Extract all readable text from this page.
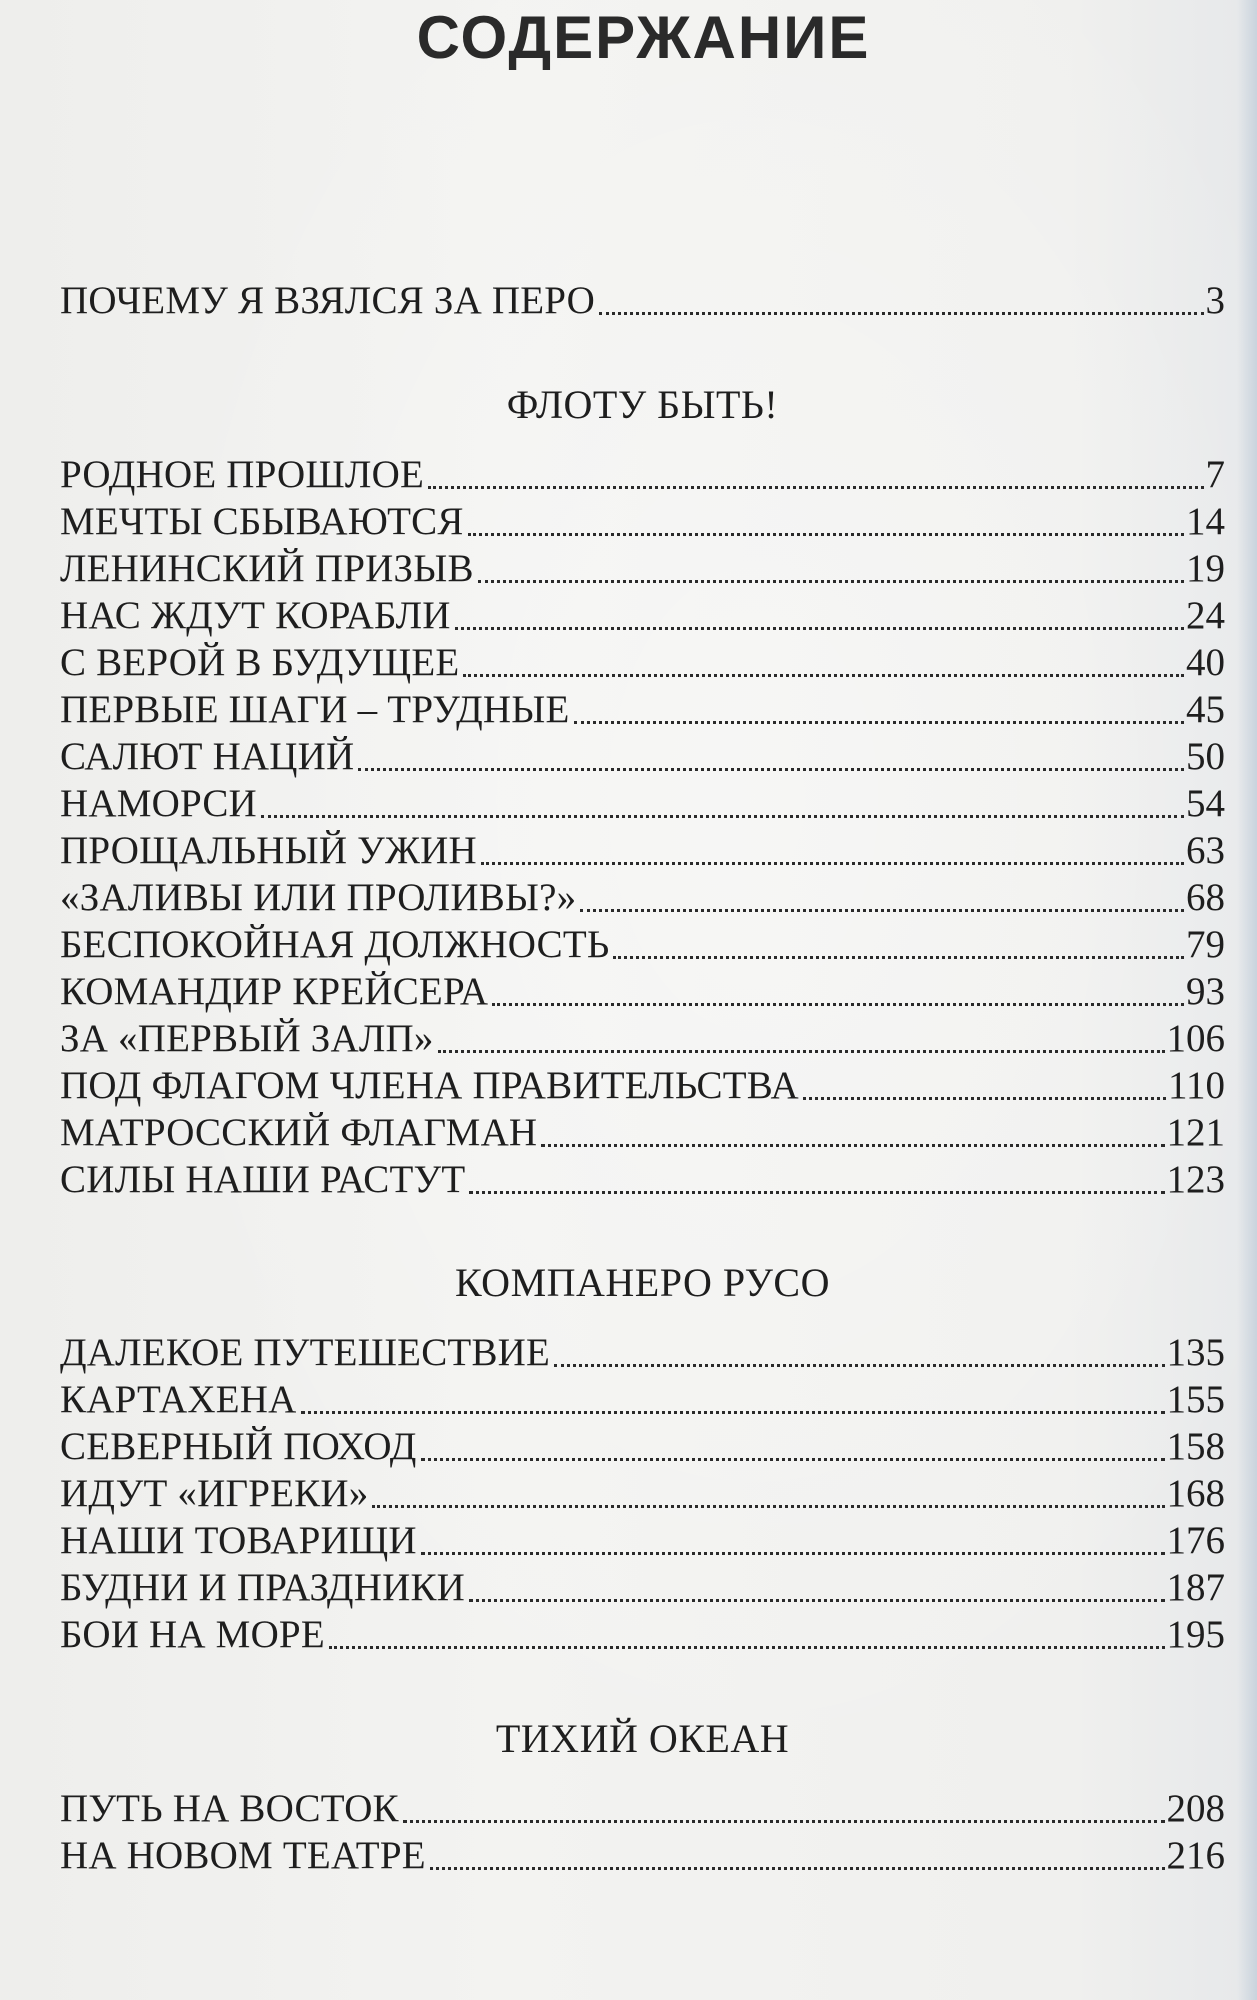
СОДЕРЖАНИЕ
ПОЧЕМУ Я ВЗЯЛСЯ ЗА ПЕРО	3
ФЛОТУ БЫТЬ!
РОДНОЕ ПРОШЛОЕ	7
МЕЧТЫ СБЫВАЮТСЯ	14
ЛЕНИНСКИЙ ПРИЗЫВ	19
НАС ЖДУТ КОРАБЛИ	24
С ВЕРОЙ В БУДУЩЕЕ	40
ПЕРВЫЕ ШАГИ – ТРУДНЫЕ	45
САЛЮТ НАЦИЙ	50
НАМОРСИ	54
ПРОЩАЛЬНЫЙ УЖИН	63
«ЗАЛИВЫ ИЛИ ПРОЛИВЫ?»	68
БЕСПОКОЙНАЯ ДОЛЖНОСТЬ	79
КОМАНДИР КРЕЙСЕРА	93
ЗА «ПЕРВЫЙ ЗАЛП»	106
ПОД ФЛАГОМ ЧЛЕНА ПРАВИТЕЛЬСТВА	110
МАТРОССКИЙ ФЛАГМАН	121
СИЛЫ НАШИ РАСТУТ	123
КОМПАНЕРО РУСО
ДАЛЕКОЕ ПУТЕШЕСТВИЕ	135
КАРТАХЕНА	155
СЕВЕРНЫЙ ПОХОД	158
ИДУТ «ИГРЕКИ»	168
НАШИ ТОВАРИЩИ	176
БУДНИ И ПРАЗДНИКИ	187
БОИ НА МОРЕ	195
ТИХИЙ ОКЕАН
ПУТЬ НА ВОСТОК	208
НА НОВОМ ТЕАТРЕ	216
